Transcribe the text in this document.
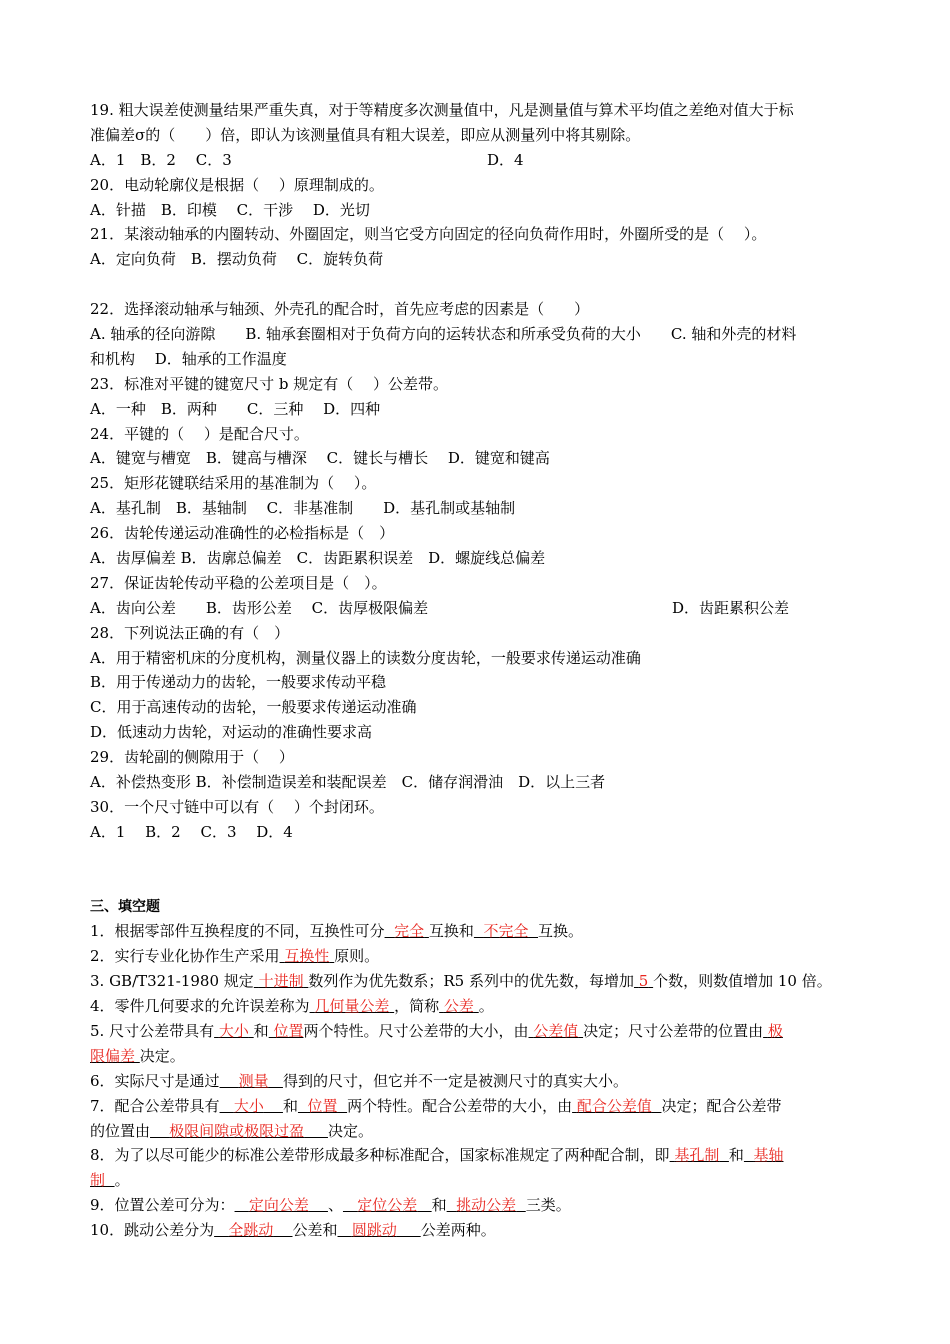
19. 粗大误差使测量结果严重失真，对于等精度多次测量值中，凡是测量值与算术平均值之差绝对值大于标
准偏差σ的（　　）倍，即认为该测量值具有粗大误差，即应从测量列中将其剔除。
A．1　B．2　 C．3	D．4
20．电动轮廓仪是根据（　 ）原理制成的。
A．针描　B．印模　 C．干涉　 D．光切
21．某滚动轴承的内圈转动、外圈固定，则当它受方向固定的径向负荷作用时，外圈所受的是（　 ）。
A．定向负荷　B．摆动负荷　 C．旋转负荷
22．选择滚动轴承与轴颈、外壳孔的配合时，首先应考虑的因素是（　　）
A. 轴承的径向游隙　　B. 轴承套圈相对于负荷方向的运转状态和所承受负荷的大小　　C. 轴和外壳的材料
和机构　 D．轴承的工作温度
23．标准对平键的键宽尺寸 b 规定有（　 ）公差带。
A．一种　B．两种　　C．三种　 D．四种
24．平键的（　 ）是配合尺寸。
A．键宽与槽宽　B．键高与槽深　 C．键长与槽长　 D．键宽和键高
25．矩形花键联结采用的基准制为（　 ）。
A．基孔制　B．基轴制　 C．非基准制　　D．基孔制或基轴制
26．齿轮传递运动准确性的必检指标是（　）
A．齿厚偏差 B．齿廓总偏差　C．齿距累积误差　D．螺旋线总偏差
27．保证齿轮传动平稳的公差项目是（　）。
A．齿向公差　　B．齿形公差　 C．齿厚极限偏差	D．齿距累积公差
28．下列说法正确的有（　）
A．用于精密机床的分度机构，测量仪器上的读数分度齿轮，一般要求传递运动准确
B．用于传递动力的齿轮，一般要求传动平稳
C．用于高速传动的齿轮，一般要求传递运动准确
D．低速动力齿轮，对运动的准确性要求高
29．齿轮副的侧隙用于（　 ）
A．补偿热变形 B．补偿制造误差和装配误差　C．储存润滑油　D．以上三者
30．一个尺寸链中可以有（　 ）个封闭环。
A．1　 B．2　 C．3　 D．4
三、填空题
1．根据零部件互换程度的不同，互换性可分 完全 互换和 不完全 互换。
2．实行专业化协作生产采用 互换性 原则。
3. GB/T321-1980 规定 十进制 数列作为优先数系；R5 系列中的优先数，每增加 5 个数，则数值增加 10 倍。
4．零件几何要求的允许误差称为 几何量公差 ，简称 公差 。
5. 尺寸公差带具有 大小 和 位置两个特性。尺寸公差带的大小，由 公差值 决定；尺寸公差带的位置由 极
限偏差 决定。
6．实际尺寸是通过 测量 得到的尺寸，但它并不一定是被测尺寸的真实大小。
7．配合公差带具有 大小 和 位置 两个特性。配合公差带的大小，由 配合公差值 决定；配合公差带
的位置由 极限间隙或极限过盈 决定。
8．为了以尽可能少的标准公差带形成最多种标准配合，国家标准规定了两种配合制，即 基孔制 和 基轴
制 。
9．位置公差可分为： 定向公差 、 定位公差 和 挑动公差 三类。
10．跳动公差分为 全跳动 公差和 圆跳动 公差两种。
